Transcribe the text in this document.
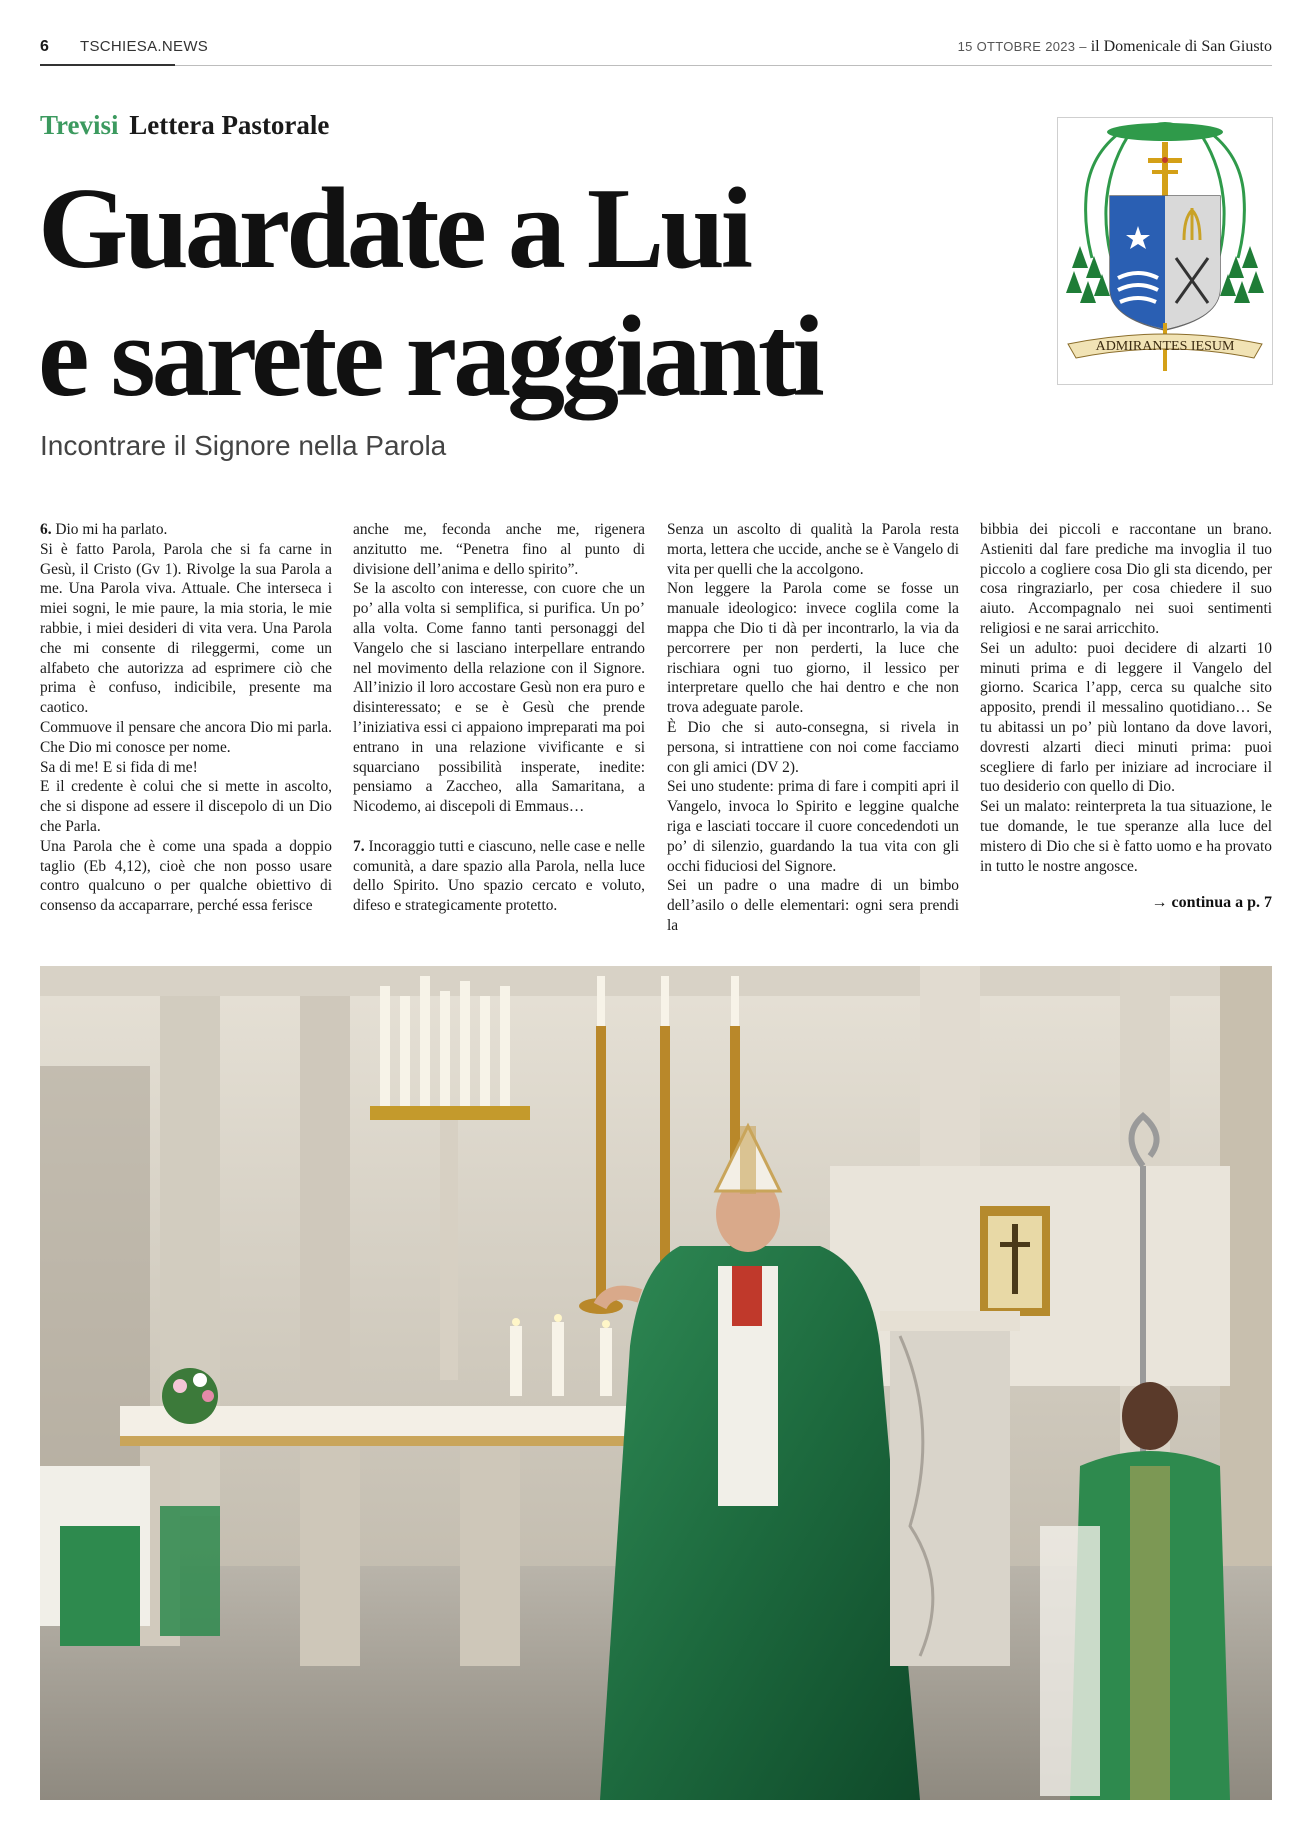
6 TSCHIESA.NEWS	15 OTTOBRE 2023 – il Domenicale di San Giusto
Trevisi Lettera Pastorale
Guardate a Lui
e sarete raggianti
Incontrare il Signore nella Parola
ADMIRANTES IESUM

6. Dio mi ha parlato.

Si è fatto Parola, Parola che si fa carne in Gesù, il Cristo (Gv 1). Rivolge la sua Parola a me. Una Parola viva. Attuale. Che interseca i miei sogni, le mie paure, la mia storia, le mie rabbie, i miei desideri di vita vera. Una Parola che mi consente di rileggermi, come un alfabeto che autorizza ad esprimere ciò che prima è confuso, indicibile, presente ma caotico.

Commuove il pensare che ancora Dio mi parla. Che Dio mi conosce per nome.

Sa di me! E si fida di me!

E il credente è colui che si mette in ascolto, che si dispone ad essere il discepolo di un Dio che Parla.

Una Parola che è come una spada a doppio taglio (Eb 4,12), cioè che non posso usare contro qualcuno o per qualche obiettivo di consenso da accaparrare, perché essa ferisce

anche me, feconda anche me, rigenera anzitutto me. “Penetra fino al punto di divisione dell’anima e dello spirito”.

Se la ascolto con interesse, con cuore che un po’ alla volta si semplifica, si purifica. Un po’ alla volta. Come fanno tanti personaggi del Vangelo che si lasciano interpellare entrando nel movimento della relazione con il Signore. All’inizio il loro accostare Gesù non era puro e disinteressato; e se è Gesù che prende l’iniziativa essi ci appaiono impreparati ma poi entrano in una relazione vivificante e si squarciano possibilità insperate, inedite: pensiamo a Zaccheo, alla Samaritana, a Nicodemo, ai discepoli di Emmaus…

7. Incoraggio tutti e ciascuno, nelle case e nelle comunità, a dare spazio alla Parola, nella luce dello Spirito. Uno spazio cercato e voluto, difeso e strategicamente protetto.

Senza un ascolto di qualità la Parola resta morta, lettera che uccide, anche se è Vangelo di vita per quelli che la accolgono.

Non leggere la Parola come se fosse un manuale ideologico: invece coglila come la mappa che Dio ti dà per incontrarlo, la via da percorrere per non perderti, la luce che rischiara ogni tuo giorno, il lessico per interpretare quello che hai dentro e che non trova adeguate parole.

È Dio che si auto-consegna, si rivela in persona, si intrattiene con noi come facciamo con gli amici (DV 2).

Sei uno studente: prima di fare i compiti apri il Vangelo, invoca lo Spirito e leggine qualche riga e lasciati toccare il cuore concedendoti un po’ di silenzio, guardando la tua vita con gli occhi fiduciosi del Signore.

Sei un padre o una madre di un bimbo dell’asilo o delle elementari: ogni sera prendi la

bibbia dei piccoli e raccontane un brano. Astieniti dal fare prediche ma invoglia il tuo piccolo a cogliere cosa Dio gli sta dicendo, per cosa ringraziarlo, per cosa chiedere il suo aiuto. Accompagnalo nei suoi sentimenti religiosi e ne sarai arricchito.

Sei un adulto: puoi decidere di alzarti 10 minuti prima e di leggere il Vangelo del giorno. Scarica l’app, cerca su qualche sito apposito, prendi il messalino quotidiano… Se tu abitassi un po’ più lontano da dove lavori, dovresti alzarti dieci minuti prima: puoi scegliere di farlo per iniziare ad incrociare il tuo desiderio con quello di Dio.

Sei un malato: reinterpreta la tua situazione, le tue domande, le tue speranze alla luce del mistero di Dio che si è fatto uomo e ha provato in tutto le nostre angosce.

→ continua a p. 7
